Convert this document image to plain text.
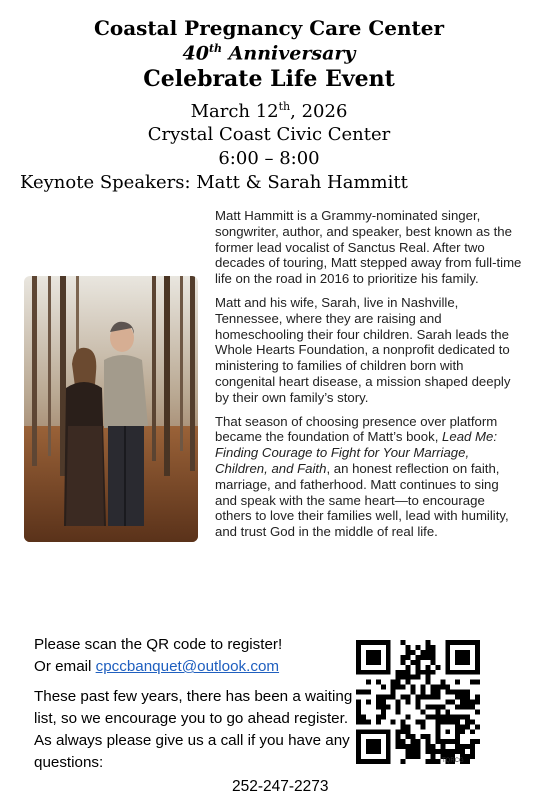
Coastal Pregnancy Care Center
40th Anniversary
Celebrate Life Event
March 12th, 2026
Crystal Coast Civic Center
6:00 – 8:00
Keynote Speakers: Matt & Sarah Hammitt

Matt Hammitt is a Grammy-nominated singer, songwriter, author, and speaker, best known as the former lead vocalist of Sanctus Real. After two decades of touring, Matt stepped away from full-time life on the road in 2016 to prioritize his family.

Matt and his wife, Sarah, live in Nashville, Tennessee, where they are raising and homeschooling their four children. Sarah leads the Whole Hearts Foundation, a nonprofit dedicated to ministering to families of children born with congenital heart disease, a mission shaped deeply by their own family’s story.

That season of choosing presence over platform became the foundation of Matt’s book, Lead Me: Finding Courage to Fight for Your Marriage, Children, and Faith, an honest reflection on faith, marriage, and fatherhood. Matt continues to sing and speak with the same heart—to encourage others to love their families well, lead with humility, and trust God in the middle of real life.

Please scan the QR code to register!

Or email cpccbanquet@outlook.com

These past few years, there has been a waiting list, so we encourage you to go ahead register. As always please give us a call if you have any questions:

252-247-2273
TQRCG
